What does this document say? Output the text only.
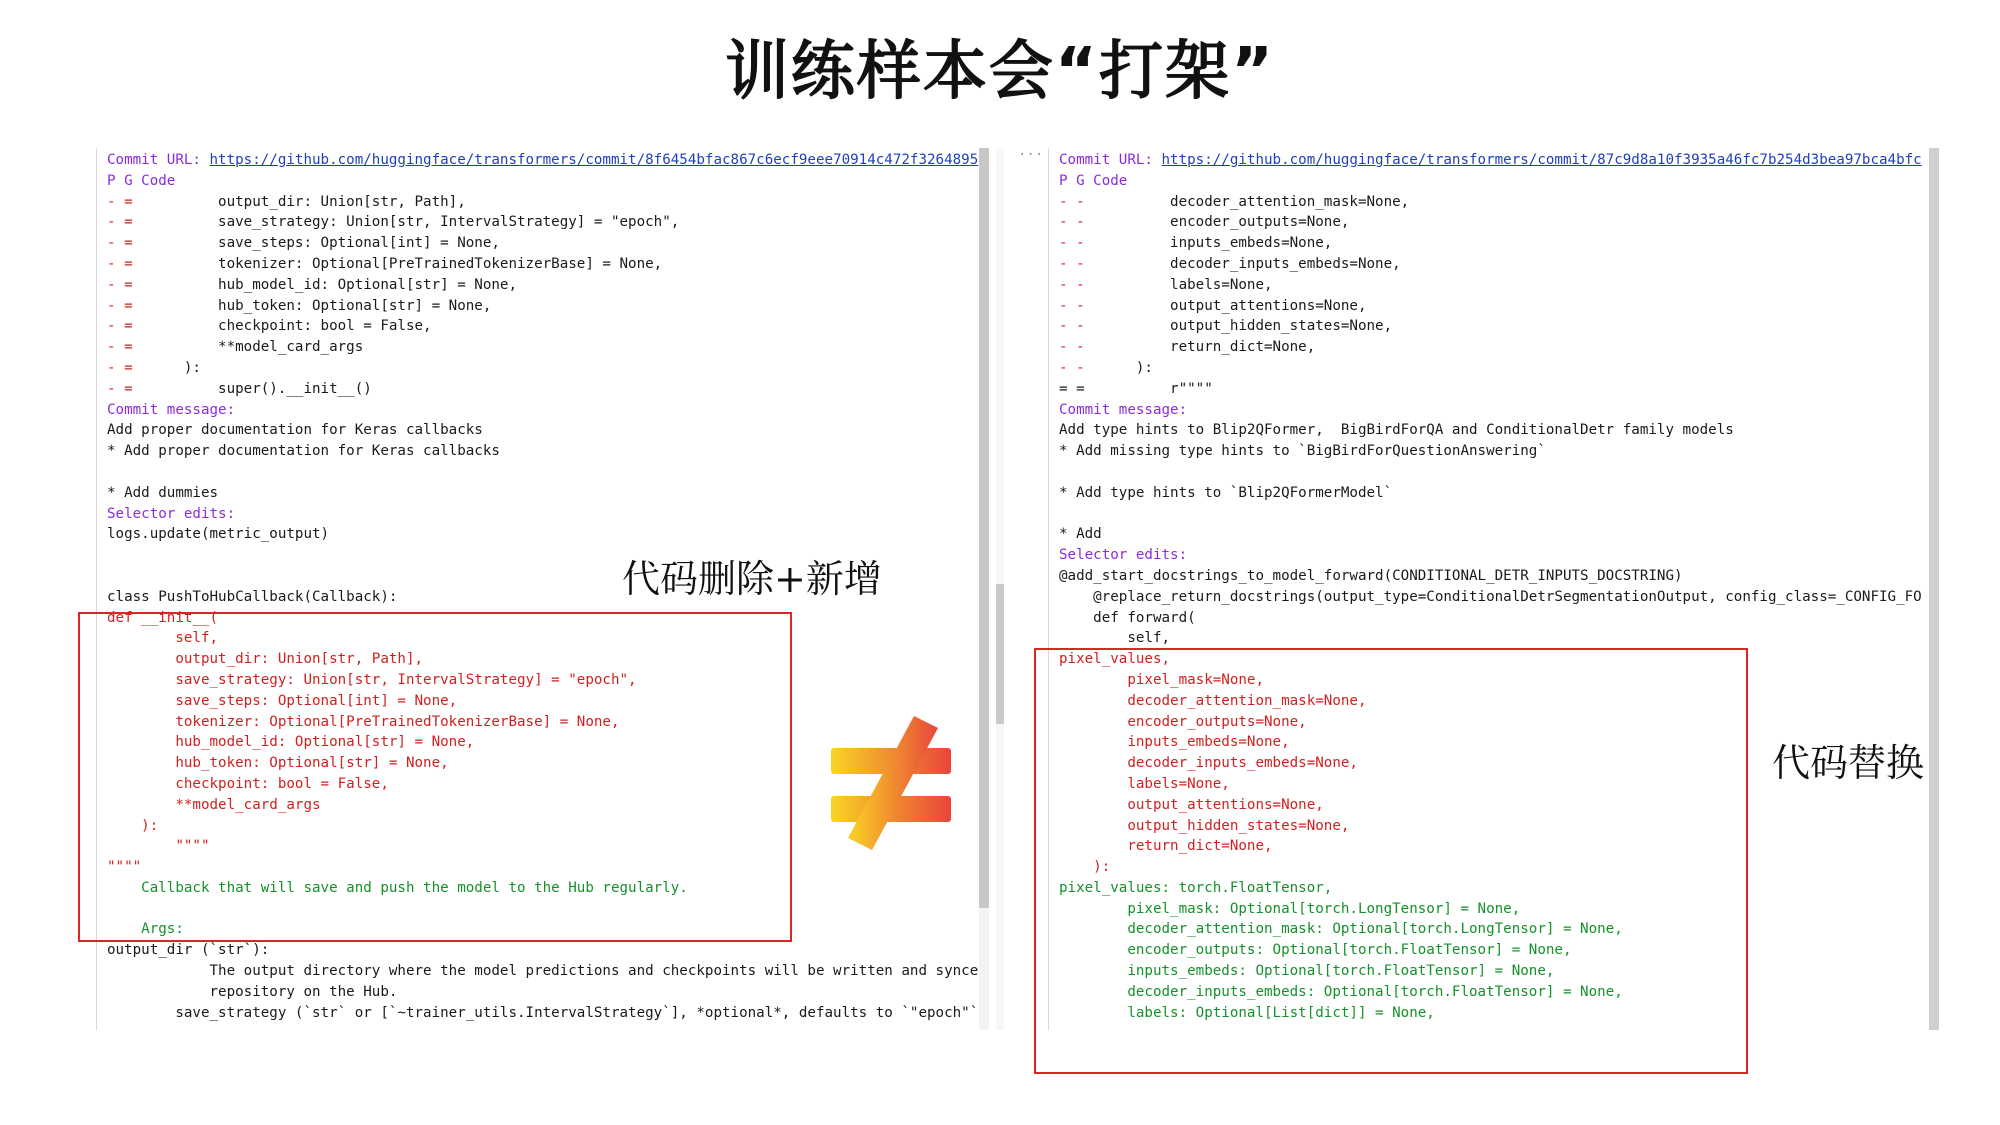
训练样本会“打架”
Commit URL: https://github.com/huggingface/transformers/commit/8f6454bfac867c6ecf9eee70914c472f3264895
P G Code
- =          output_dir: Union[str, Path],
- =          save_strategy: Union[str, IntervalStrategy] = "epoch",
- =          save_steps: Optional[int] = None,
- =          tokenizer: Optional[PreTrainedTokenizerBase] = None,
- =          hub_model_id: Optional[str] = None,
- =          hub_token: Optional[str] = None,
- =          checkpoint: bool = False,
- =          **model_card_args
- =      ):
- =          super().__init__()
Commit message:
Add proper documentation for Keras callbacks
* Add proper documentation for Keras callbacks
* Add dummies
Selector edits:
logs.update(metric_output)
class PushToHubCallback(Callback):
def __init__(
self,
output_dir: Union[str, Path],
save_strategy: Union[str, IntervalStrategy] = "epoch",
save_steps: Optional[int] = None,
tokenizer: Optional[PreTrainedTokenizerBase] = None,
hub_model_id: Optional[str] = None,
hub_token: Optional[str] = None,
checkpoint: bool = False,
**model_card_args
):
""""
""""
Callback that will save and push the model to the Hub regularly.
Args:
output_dir (`str`):
The output directory where the model predictions and checkpoints will be written and synce
repository on the Hub.
save_strategy (`str` or [`~trainer_utils.IntervalStrategy`], *optional*, defaults to `"epoch"`
··· Commit URL: https://github.com/huggingface/transformers/commit/87c9d8a10f3935a46fc7b254d3bea97bca4bfc
P G Code
- -          decoder_attention_mask=None,
- -          encoder_outputs=None,
- -          inputs_embeds=None,
- -          decoder_inputs_embeds=None,
- -          labels=None,
- -          output_attentions=None,
- -          output_hidden_states=None,
- -          return_dict=None,
- -      ):
= =          r""""
Commit message:
Add type hints to Blip2QFormer,  BigBirdForQA and ConditionalDetr family models
* Add missing type hints to `BigBirdForQuestionAnswering`
* Add type hints to `Blip2QFormerModel`
* Add
Selector edits:
@add_start_docstrings_to_model_forward(CONDITIONAL_DETR_INPUTS_DOCSTRING)
@replace_return_docstrings(output_type=ConditionalDetrSegmentationOutput, config_class=_CONFIG_FO
def forward(
self,
pixel_values,
pixel_mask=None,
decoder_attention_mask=None,
encoder_outputs=None,
inputs_embeds=None,
decoder_inputs_embeds=None,
labels=None,
output_attentions=None,
output_hidden_states=None,
return_dict=None,
):
pixel_values: torch.FloatTensor,
pixel_mask: Optional[torch.LongTensor] = None,
decoder_attention_mask: Optional[torch.LongTensor] = None,
encoder_outputs: Optional[torch.FloatTensor] = None,
inputs_embeds: Optional[torch.FloatTensor] = None,
decoder_inputs_embeds: Optional[torch.FloatTensor] = None,
labels: Optional[List[dict]] = None,
代码删除+新增
代码替换
